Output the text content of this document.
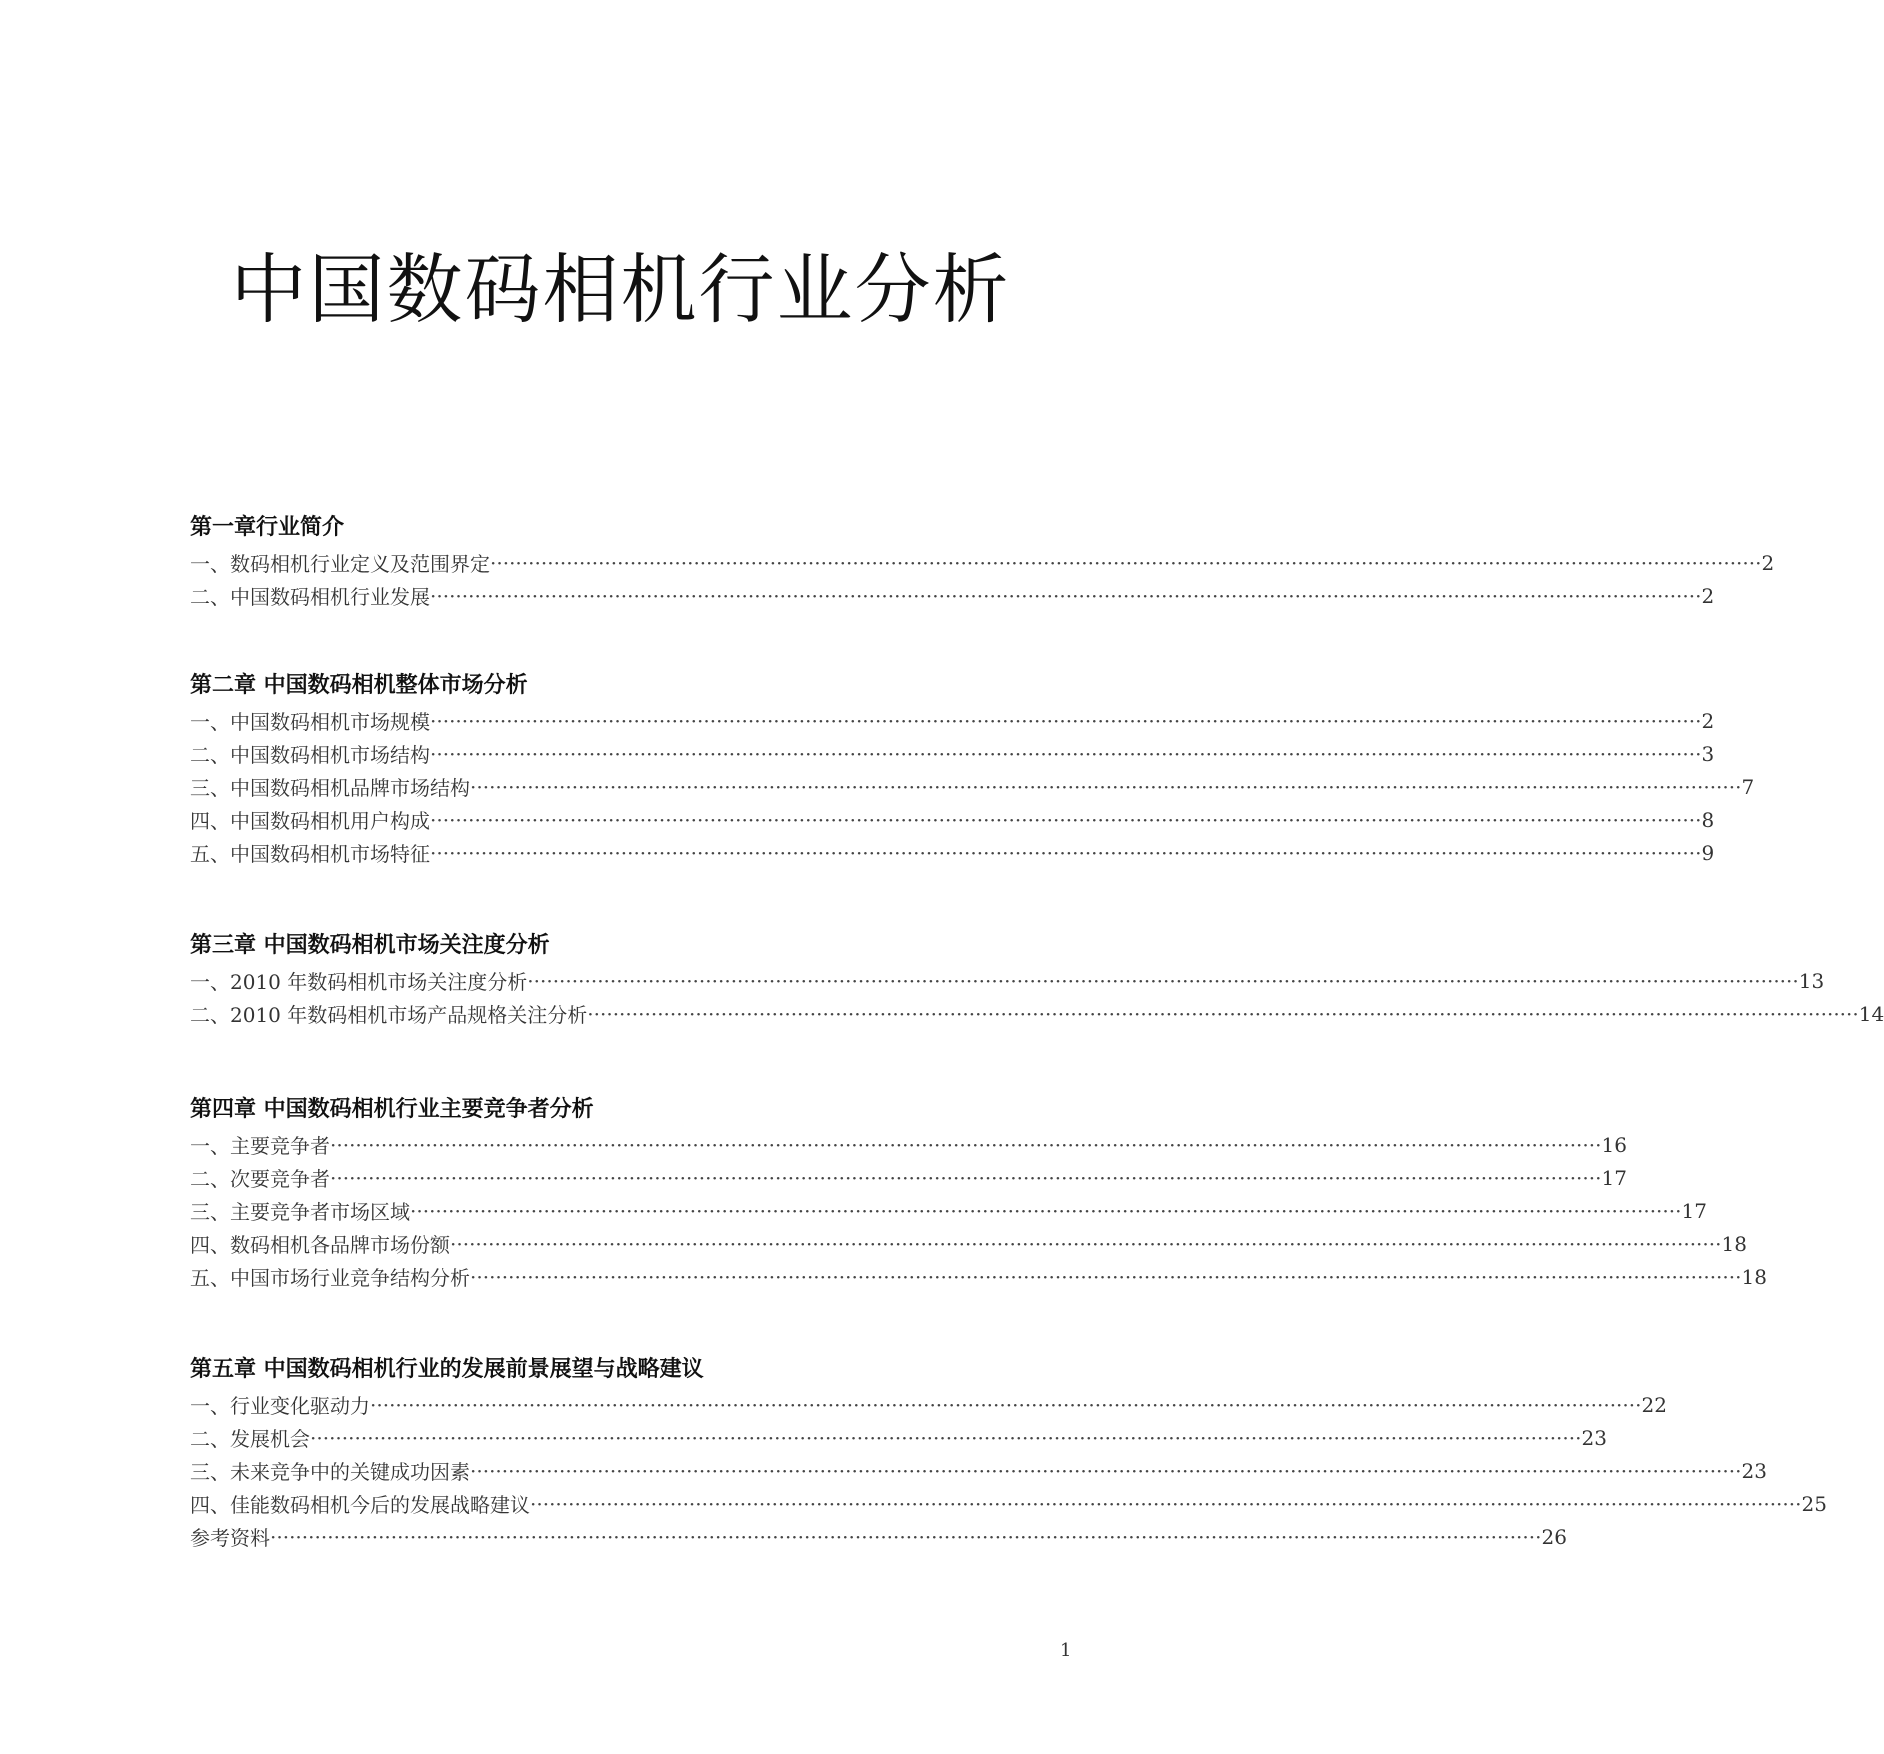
中国数码相机行业分析
第一章行业简介
一、数码相机行业定义及范围界定 ········································································································································································································ 2
二、中国数码相机行业发展 ········································································································································································································ 2
第二章 中国数码相机整体市场分析
一、中国数码相机市场规模 ········································································································································································································ 2
二、中国数码相机市场结构 ········································································································································································································ 3
三、中国数码相机品牌市场结构 ········································································································································································································ 7
四、中国数码相机用户构成 ········································································································································································································ 8
五、中国数码相机市场特征 ········································································································································································································ 9
第三章 中国数码相机市场关注度分析
一、2010 年数码相机市场关注度分析 ········································································································································································································ 13
二、2010 年数码相机市场产品规格关注分析 ········································································································································································································ 14
第四章 中国数码相机行业主要竞争者分析
一、主要竞争者 ········································································································································································································ 16
二、次要竞争者 ········································································································································································································ 17
三、主要竞争者市场区域 ········································································································································································································ 17
四、数码相机各品牌市场份额 ········································································································································································································ 18
五、中国市场行业竞争结构分析 ········································································································································································································ 18
第五章 中国数码相机行业的发展前景展望与战略建议
一、行业变化驱动力 ········································································································································································································ 22
二、发展机会 ········································································································································································································ 23
三、未来竞争中的关键成功因素 ········································································································································································································ 23
四、佳能数码相机今后的发展战略建议 ········································································································································································································ 25
参考资料 ········································································································································································································ 26
1
